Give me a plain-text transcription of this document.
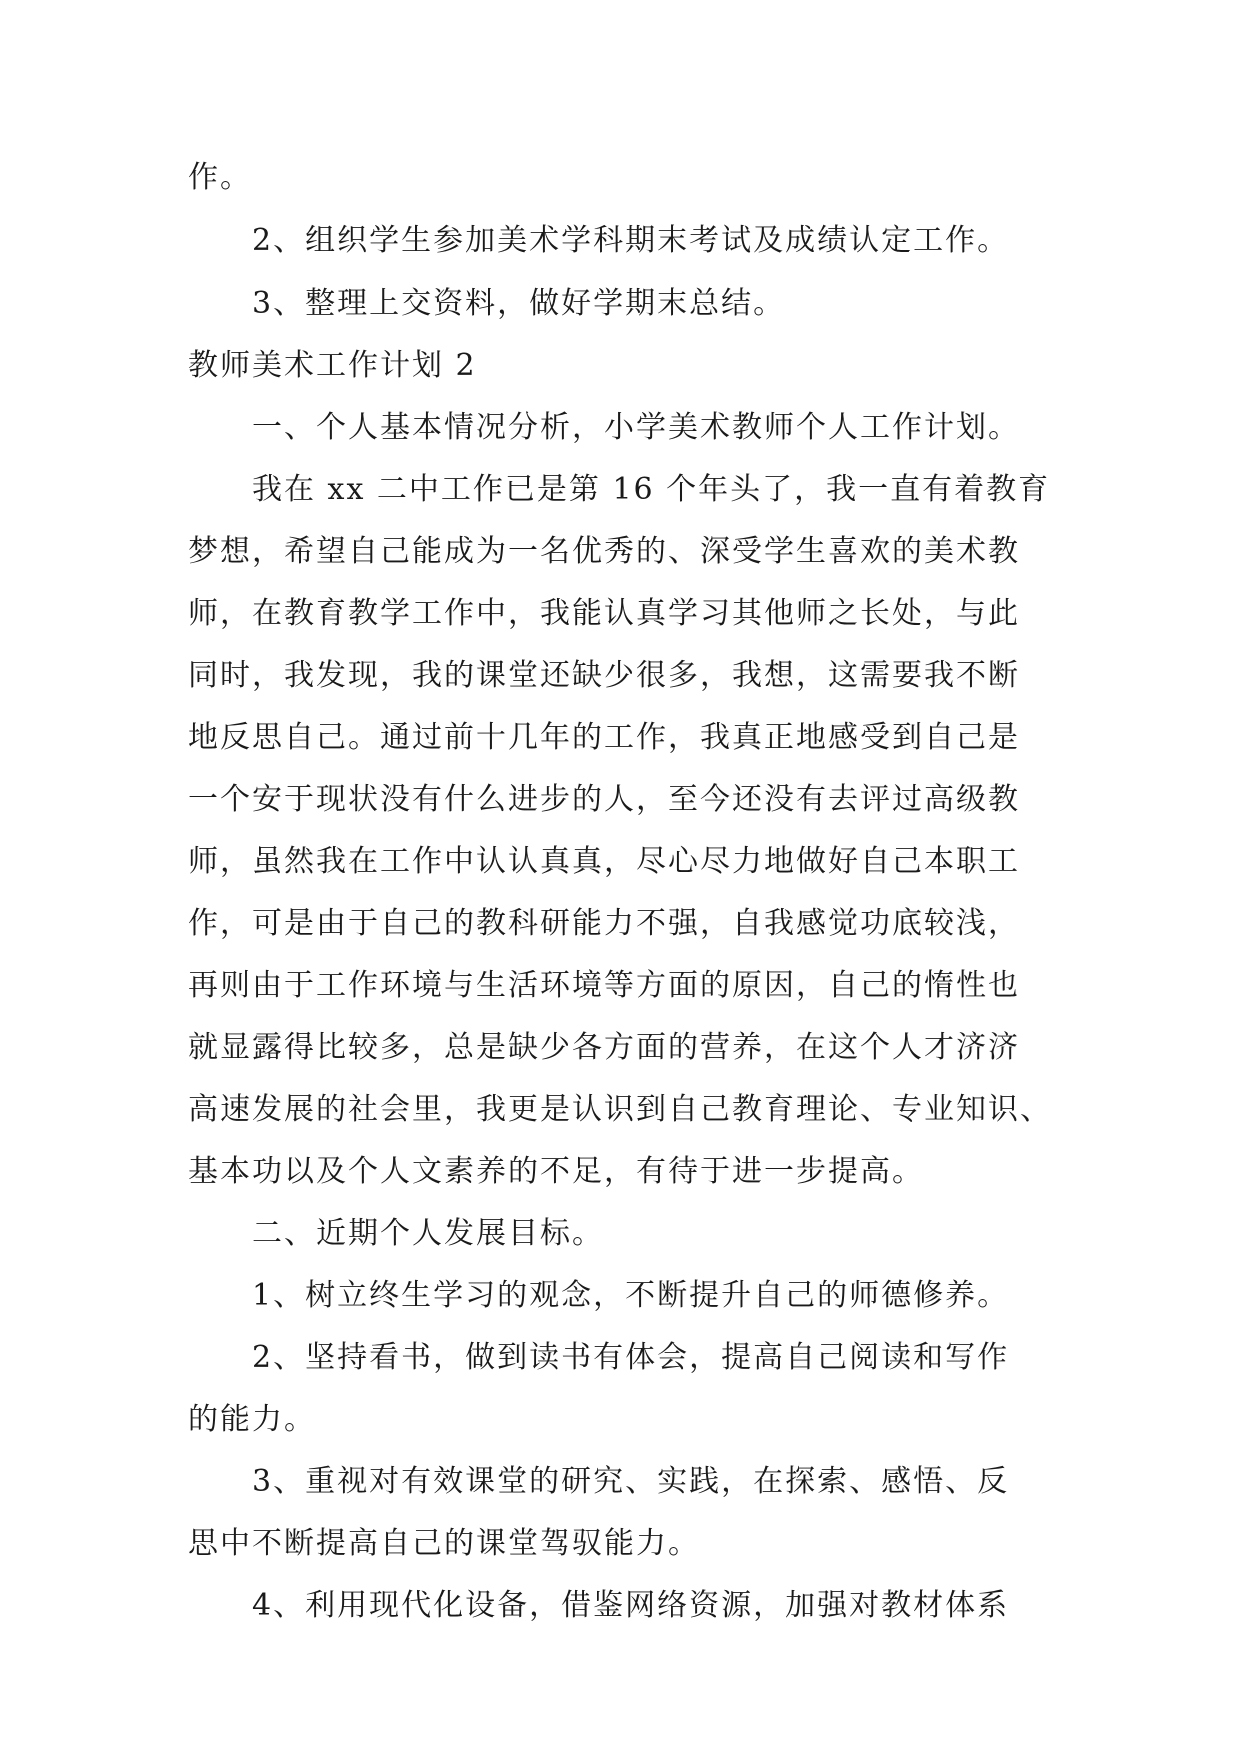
作。

2、组织学生参加美术学科期末考试及成绩认定工作。

3、整理上交资料，做好学期末总结。

教师美术工作计划 2

一、个人基本情况分析，小学美术教师个人工作计划。

我在 xx 二中工作已是第 16 个年头了，我一直有着教育

梦想，希望自己能成为一名优秀的、深受学生喜欢的美术教

师，在教育教学工作中，我能认真学习其他师之长处，与此

同时，我发现，我的课堂还缺少很多，我想，这需要我不断

地反思自己。通过前十几年的工作，我真正地感受到自己是

一个安于现状没有什么进步的人，至今还没有去评过高级教

师，虽然我在工作中认认真真，尽心尽力地做好自己本职工

作，可是由于自己的教科研能力不强，自我感觉功底较浅，

再则由于工作环境与生活环境等方面的原因，自己的惰性也

就显露得比较多，总是缺少各方面的营养，在这个人才济济

高速发展的社会里，我更是认识到自己教育理论、专业知识、

基本功以及个人文素养的不足，有待于进一步提高。

二、近期个人发展目标。

1、树立终生学习的观念，不断提升自己的师德修养。

2、坚持看书，做到读书有体会，提高自己阅读和写作

的能力。

3、重视对有效课堂的研究、实践，在探索、感悟、反

思中不断提高自己的课堂驾驭能力。

4、利用现代化设备，借鉴网络资源，加强对教材体系
